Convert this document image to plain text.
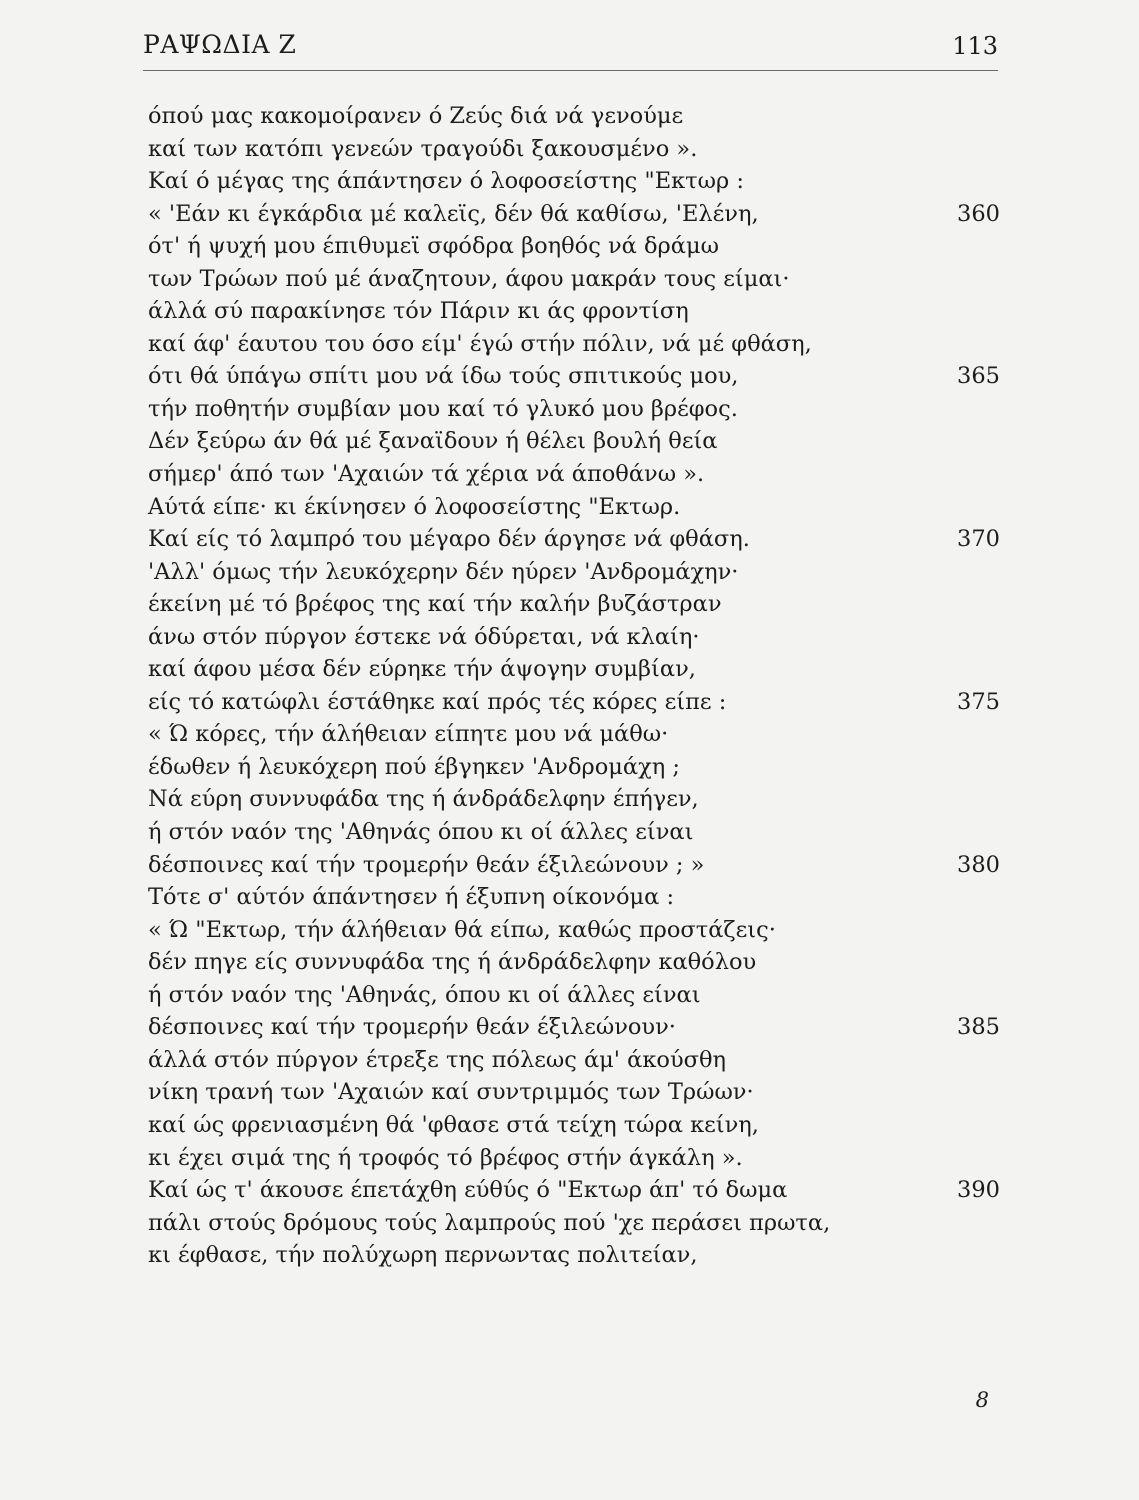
ΡΑΨΩΔΙΑ Ζ	113
όπού μας κακομοίρανεν ό Ζεύς διά νά γενούμε
καί των κατόπι γενεών τραγούδι ξακουσμένο ».
Καί ό μέγας της άπάντησεν ό λοφοσείστης "Εκτωρ :
« 'Εάν κι έγκάρδια μέ καλεϊς, δέν θά καθίσω, 'Ελένη,	360
ότ' ή ψυχή μου έπιθυμεϊ σφόδρα βοηθός νά δράμω
των Τρώων πού μέ άναζητουν, άφου μακράν τους είμαι·
άλλά σύ παρακίνησε τόν Πάριν κι άς φροντίση
καί άφ' έαυτου του όσο είμ' έγώ στήν πόλιν, νά μέ φθάση,
ότι θά ύπάγω σπίτι μου νά ίδω τούς σπιτικούς μου,	365
τήν ποθητήν συμβίαν μου καί τό γλυκό μου βρέφος.
Δέν ξεύρω άν θά μέ ξαναϊδουν ή θέλει βουλή θεία
σήμερ' άπό των 'Αχαιών τά χέρια νά άποθάνω ».
Αύτά είπε· κι έκίνησεν ό λοφοσείστης "Εκτωρ.
Καί είς τό λαμπρό του μέγαρο δέν άργησε νά φθάση.	370
'Αλλ' όμως τήν λευκόχερην δέν ηύρεν 'Ανδρομάχην·
έκείνη μέ τό βρέφος της καί τήν καλήν βυζάστραν
άνω στόν πύργον έστεκε νά όδύρεται, νά κλαίη·
καί άφου μέσα δέν εύρηκε τήν άψογην συμβίαν,
είς τό κατώφλι έστάθηκε καί πρός τές κόρες είπε :	375
« Ώ κόρες, τήν άλήθειαν είπητε μου νά μάθω·
έδωθεν ή λευκόχερη πού έβγηκεν 'Ανδρομάχη ;
Νά εύρη συννυφάδα της ή άνδράδελφην έπήγεν,
ή στόν ναόν της 'Αθηνάς όπου κι οί άλλες είναι
δέσποινες καί τήν τρομερήν θεάν έξιλεώνουν ; »	380
Τότε σ' αύτόν άπάντησεν ή έξυπνη οίκονόμα :
« Ώ "Εκτωρ, τήν άλήθειαν θά είπω, καθώς προστάζεις·
δέν πηγε είς συννυφάδα της ή άνδράδελφην καθόλου
ή στόν ναόν της 'Αθηνάς, όπου κι οί άλλες είναι
δέσποινες καί τήν τρομερήν θεάν έξιλεώνουν·	385
άλλά στόν πύργον έτρεξε της πόλεως άμ' άκούσθη
νίκη τρανή των 'Αχαιών καί συντριμμός των Τρώων·
καί ώς φρενιασμένη θά 'φθασε στά τείχη τώρα κείνη,
κι έχει σιμά της ή τροφός τό βρέφος στήν άγκάλη ».
Καί ώς τ' άκουσε έπετάχθη εύθύς ό "Εκτωρ άπ' τό δωμα	390
πάλι στούς δρόμους τούς λαμπρούς πού 'χε περάσει πρωτα,
κι έφθασε, τήν πολύχωρη περνωντας πολιτείαν,
8
